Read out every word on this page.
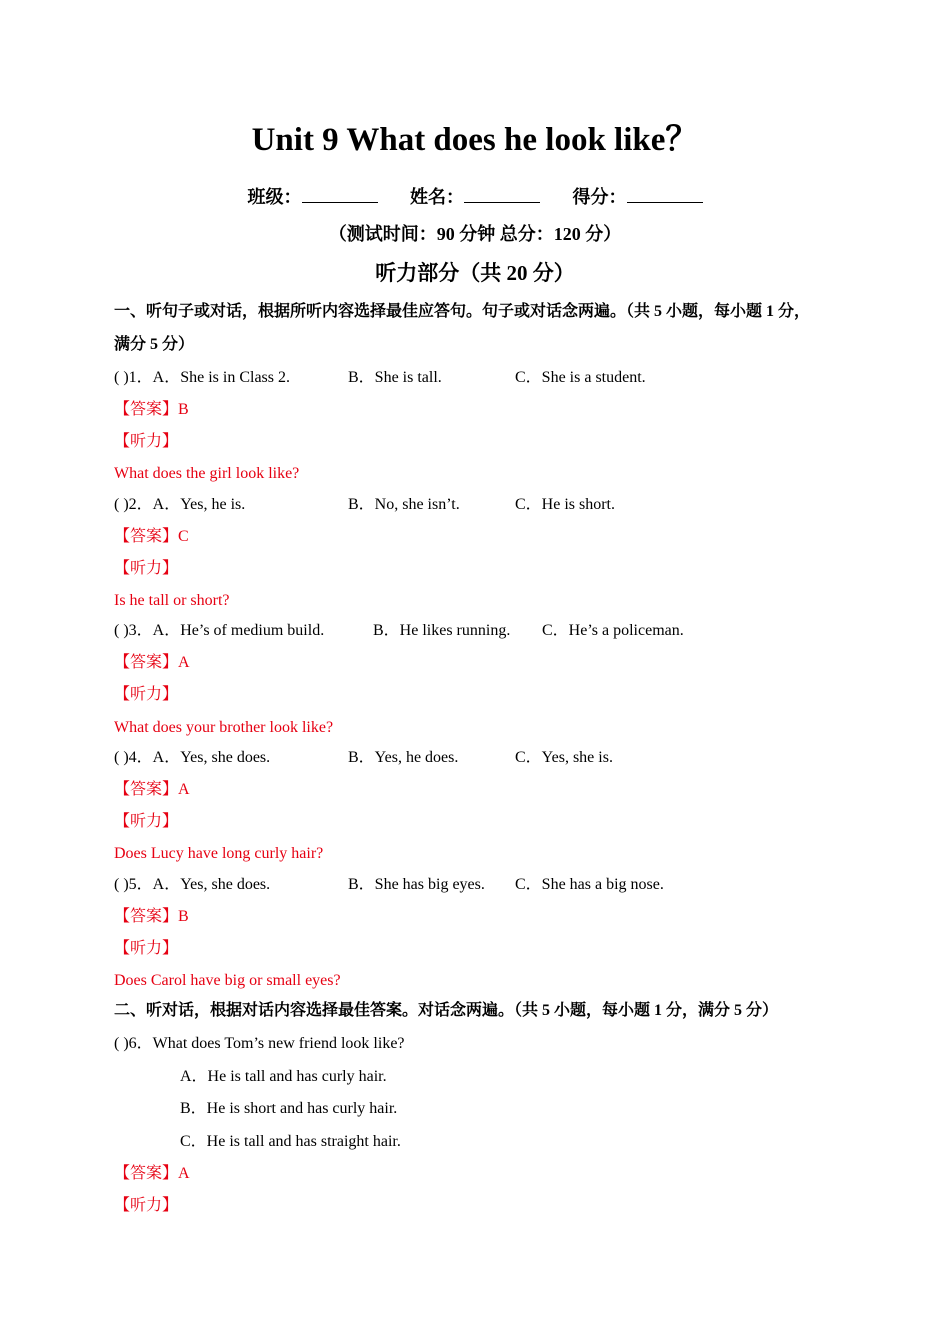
Unit 9 What does he look like？
班级：	姓名：	得分：
（测试时间：90 分钟 总分：120 分）
听力部分（共 20 分）
一、听句子或对话，根据所听内容选择最佳应答句。句子或对话念两遍。（共 5 小题，每小题 1 分，
满分 5 分）
( )1．A．She is in Class 2.	B．She is tall.	C．She is a student.
【答案】B
【听力】
What does the girl look like?
( )2．A．Yes, he is.	B．No, she isn’t.	C．He is short.
【答案】C
【听力】
Is he tall or short?
( )3．A．He’s of medium build.	B．He likes running. C．He’s a policeman.
【答案】A
【听力】
What does your brother look like?
( )4．A．Yes, she does.	B．Yes, he does.	C．Yes, she is.
【答案】A
【听力】
Does Lucy have long curly hair?
( )5．A．Yes, she does.	B．She has big eyes. C．She has a big nose.
【答案】B
【听力】
Does Carol have big or small eyes?
二、听对话，根据对话内容选择最佳答案。对话念两遍。（共 5 小题，每小题 1 分，满分 5 分）
( )6．What does Tom’s new friend look like?
A．He is tall and has curly hair.
B．He is short and has curly hair.
C．He is tall and has straight hair.
【答案】A
【听力】
